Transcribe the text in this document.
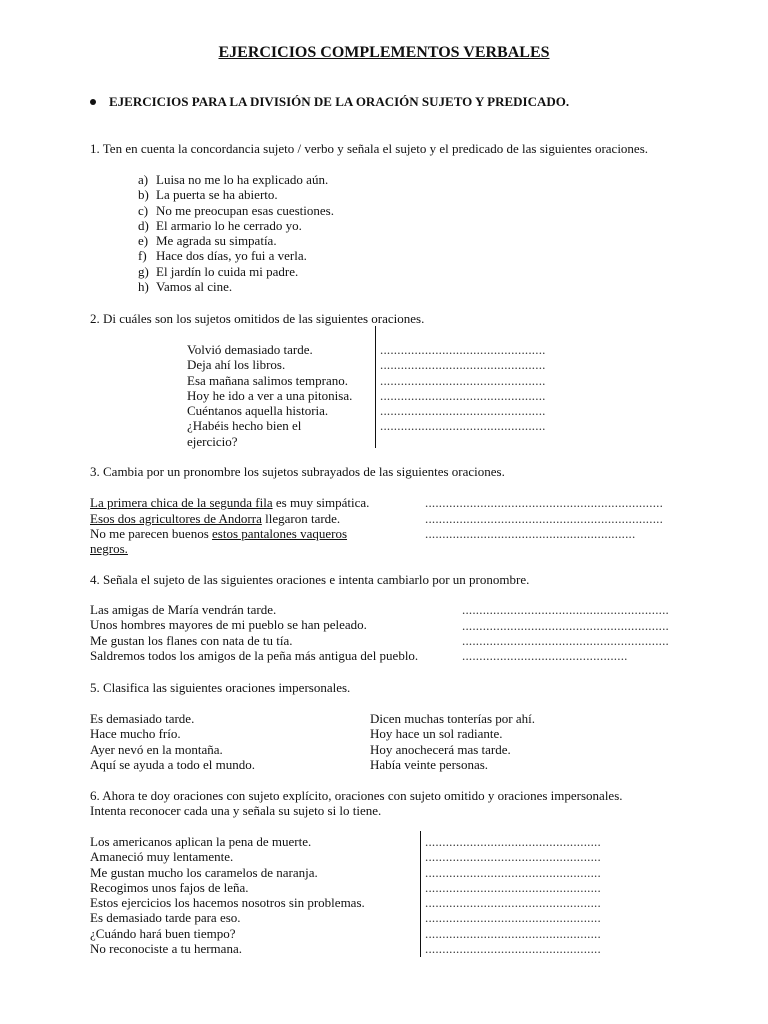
EJERCICIOS COMPLEMENTOS VERBALES
EJERCICIOS PARA LA DIVISIÓN DE LA ORACIÓN SUJETO Y PREDICADO.
1. Ten en cuenta la concordancia sujeto / verbo y señala el sujeto y el predicado de las siguientes oraciones.
a) Luisa no me lo ha explicado aún.
b) La puerta se ha abierto.
c) No me preocupan esas cuestiones.
d) El armario lo he cerrado yo.
e) Me agrada su simpatía.
f) Hace dos días, yo fui a verla.
g) El jardín lo cuida mi padre.
h) Vamos al cine.
2. Di cuáles son los sujetos omitidos de las siguientes oraciones.
Volvió demasiado tarde.
Deja ahí los libros.
Esa mañana salimos temprano.
Hoy he ido a ver a una pitonisa.
Cuéntanos aquella historia.
¿Habéis hecho bien el
ejercicio?
................................................
................................................
................................................
................................................
................................................
................................................
3. Cambia por un pronombre los sujetos subrayados de las siguientes oraciones.
La primera chica de la segunda fila es muy simpática.
Esos dos agricultores de Andorra llegaron tarde.
No me parecen buenos estos pantalones vaqueros
negros.
.....................................................................
.....................................................................
.............................................................
4. Señala el sujeto de las siguientes oraciones e intenta cambiarlo por un pronombre.
Las amigas de María vendrán tarde.
Unos hombres mayores de mi pueblo se han peleado.
Me gustan los flanes con nata de tu tía.
Saldremos todos los amigos de la peña más antigua del pueblo.
............................................................
............................................................
............................................................
................................................
5. Clasifica las siguientes oraciones impersonales.
Es demasiado tarde.
Hace mucho frío.
Ayer nevó en la montaña.
Aquí se ayuda a todo el mundo.
Dicen muchas tonterías por ahí.
Hoy hace un sol radiante.
Hoy anochecerá mas tarde.
Había veinte personas.
6. Ahora te doy oraciones con sujeto explícito, oraciones con sujeto omitido y oraciones impersonales.
Intenta reconocer cada una y señala su sujeto si lo tiene.
Los americanos aplican la pena de muerte.
Amaneció muy lentamente.
Me gustan mucho los caramelos de naranja.
Recogimos unos fajos de leña.
Estos ejercicios los hacemos nosotros sin problemas.
Es demasiado tarde para eso.
¿Cuándo hará buen tiempo?
No reconociste a tu hermana.
...................................................
...................................................
...................................................
...................................................
...................................................
...................................................
...................................................
...................................................
